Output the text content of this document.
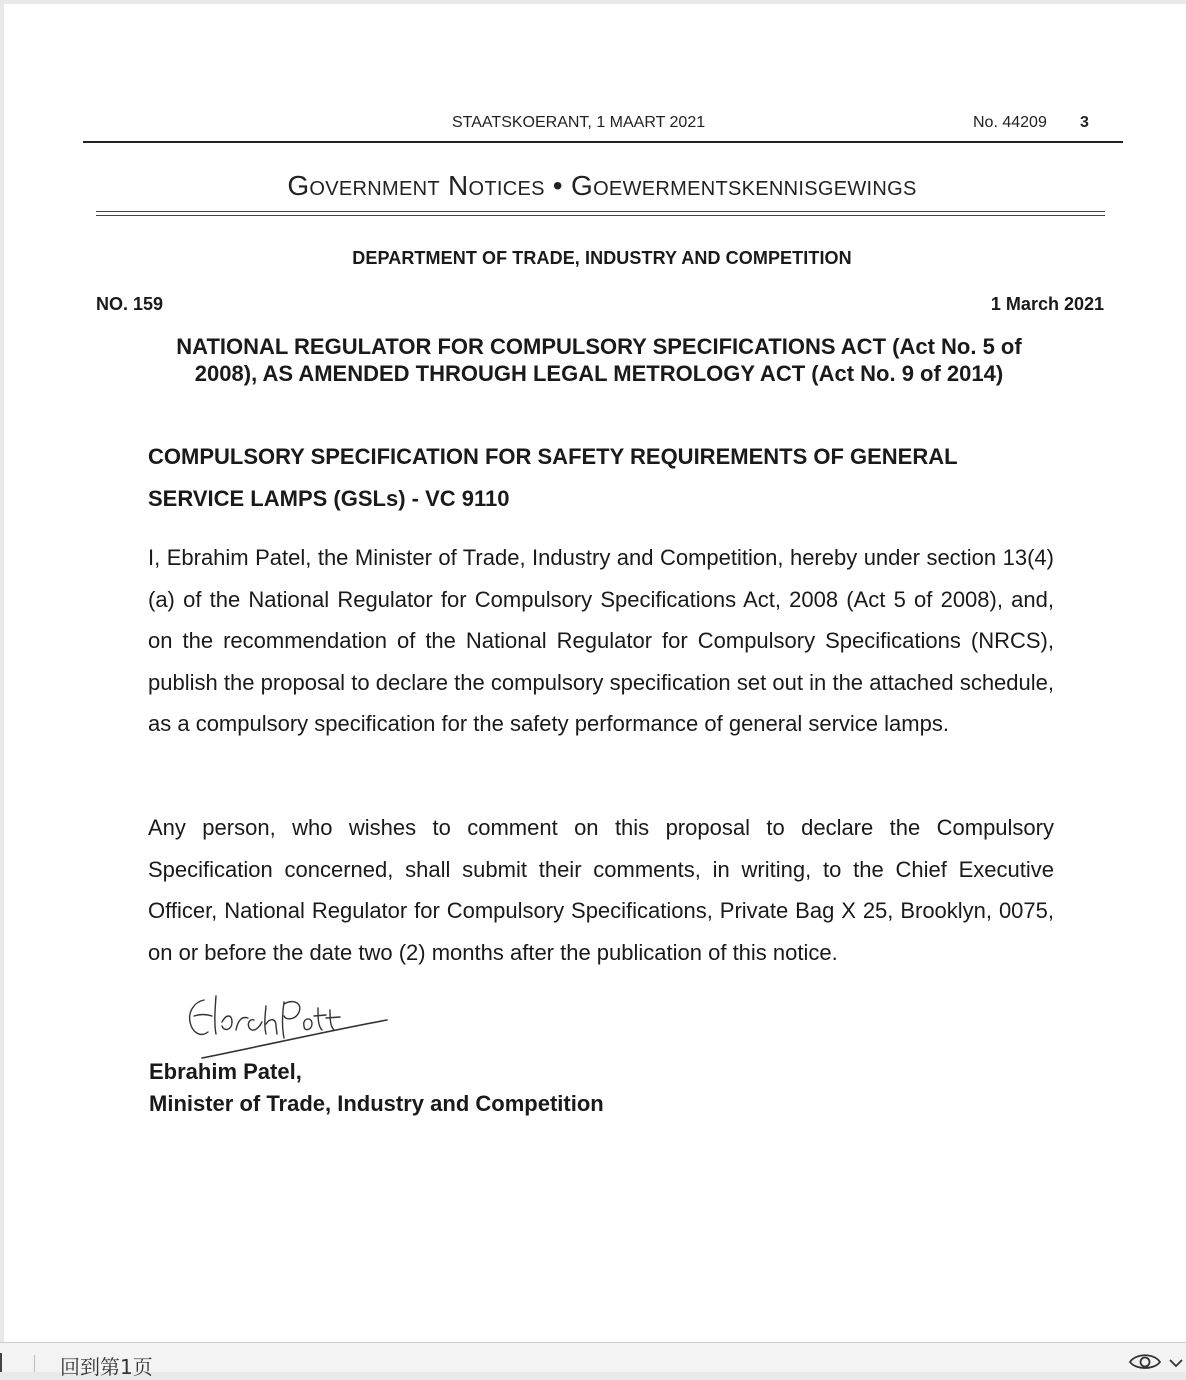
STAATSKOERANT, 1 MAART 2021	No. 44209 3
Government Notices • Goewermentskennisgewings
DEPARTMENT OF TRADE, INDUSTRY AND COMPETITION
NO. 159	1 March 2021
NATIONAL REGULATOR FOR COMPULSORY SPECIFICATIONS ACT (Act No. 5 of 2008), AS AMENDED THROUGH LEGAL METROLOGY ACT (Act No. 9 of 2014)
COMPULSORY SPECIFICATION FOR SAFETY REQUIREMENTS OF GENERAL SERVICE LAMPS (GSLs) - VC 9110
I, Ebrahim Patel, the Minister of Trade, Industry and Competition, hereby under section 13(4)(a) of the National Regulator for Compulsory Specifications Act, 2008 (Act 5 of 2008), and, on the recommendation of the National Regulator for Compulsory Specifications (NRCS), publish the proposal to declare the compulsory specification set out in the attached schedule, as a compulsory specification for the safety performance of general service lamps.
Any person, who wishes to comment on this proposal to declare the Compulsory Specification concerned, shall submit their comments, in writing, to the Chief Executive Officer, National Regulator for Compulsory Specifications, Private Bag X 25, Brooklyn, 0075, on or before the date two (2) months after the publication of this notice.
Ebrahim Patel,
Minister of Trade, Industry and Competition
回到第1页
